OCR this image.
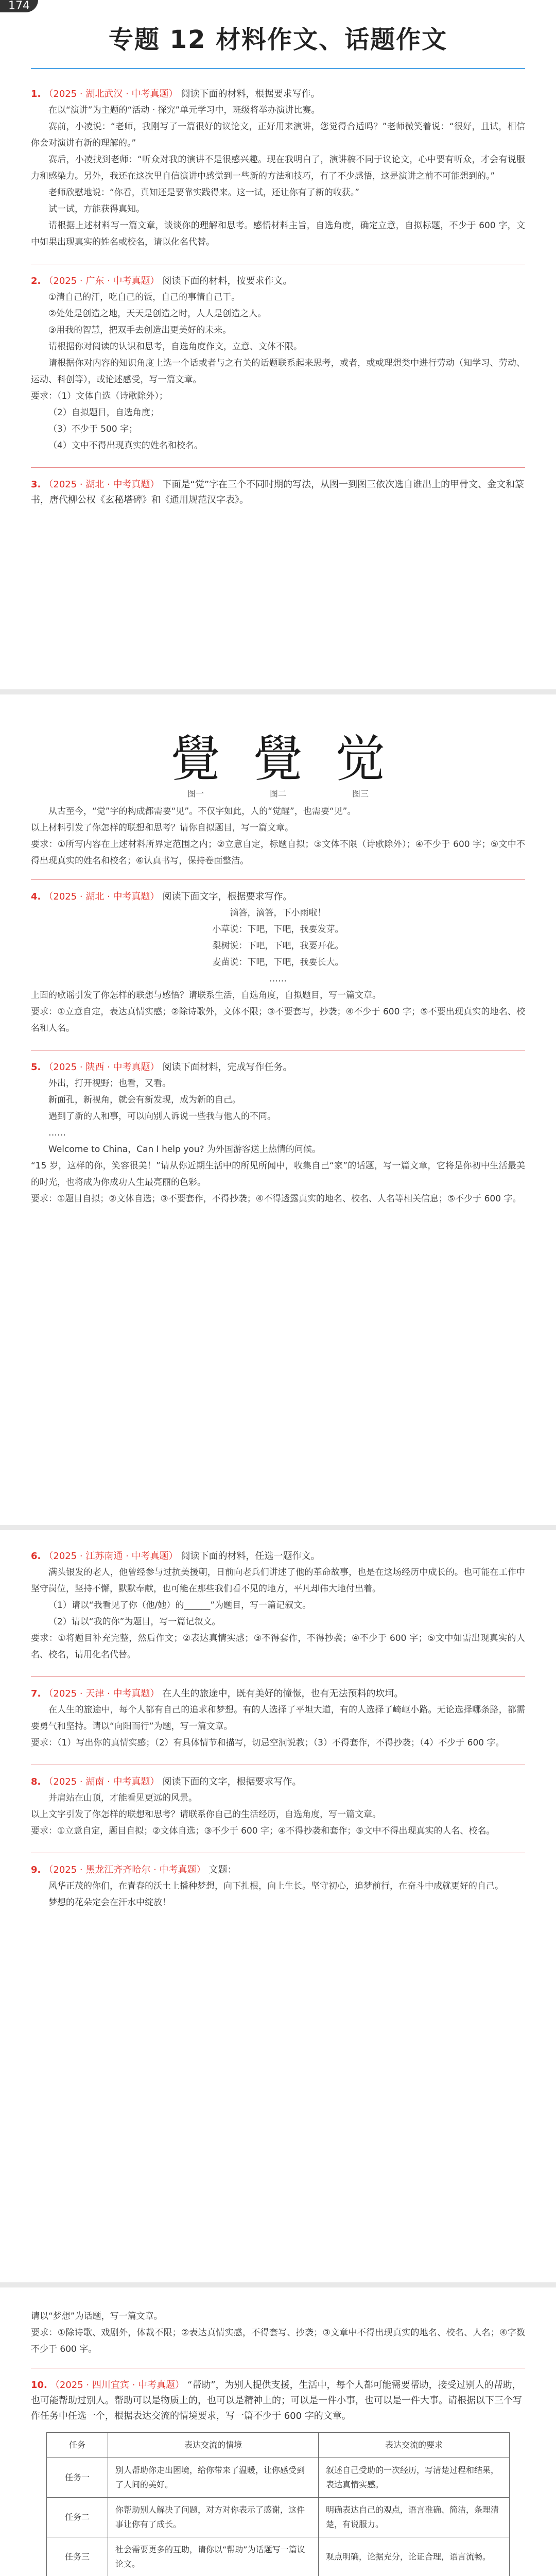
174
专题 12 材料作文、话题作文

1. （2025 · 湖北武汉 · 中考真题） 阅读下面的材料，根据要求写作。

在以“演讲”为主题的“活动 · 探究”单元学习中，班级将举办演讲比赛。

赛前，小凌说：“老师，我刚写了一篇很好的议论文，正好用来演讲，您觉得合适吗？”老师微笑着说：“很好，且试，相信你会对演讲有新的理解的。”

赛后，小凌找到老师：“听众对我的演讲不是很感兴趣。现在我明白了，演讲稿不同于议论文，心中要有听众，才会有说服力和感染力。另外，我还在这次里自信演讲中感觉到一些新的方法和技巧，有了不少感悟，这是演讲之前不可能想到的。”

老师欣慰地说：“你看，真知还是要靠实践得来。这一试，还让你有了新的收获。”

试一试，方能获得真知。

请根据上述材料写一篇文章，谈谈你的理解和思考。感悟材料主旨，自选角度，确定立意，自拟标题，不少于 600 字，文中如果出现真实的姓名或校名，请以化名代替。

2. （2025 · 广东 · 中考真题） 阅读下面的材料，按要求作文。

①清自己的汗，吃自己的饭，自己的事情自己干。

②处处是创造之地，天天是创造之时，人人是创造之人。

③用我的智慧，把双手去创造出更美好的未来。

请根据你对阅读的认识和思考，自选角度作文，立意、文体不限。

请根据你对内容的知识角度上选一个话或者与之有关的话题联系起来思考，或者，或或理想类中进行劳动（知学习、劳动、运动、科创等），或论述感受，写一篇文章。

要求：（1）文体自选（诗歌除外）；

（2）自拟题目，自选角度；

（3）不少于 500 字；

（4）文中不得出现真实的姓名和校名。

3. （2025 · 湖北 · 中考真题） 下面是“觉”字在三个不同时期的写法，从图一到图三依次选自谁出土的甲骨文、金文和篆书，唐代柳公权《玄秘塔碑》和《通用规范汉字表》。

覺
图一
覺
图二
觉
图三

从古至今，“觉”字的构成都需要“见”。不仅字如此，人的“觉醒”，也需要“见”。

以上材料引发了你怎样的联想和思考？请你自拟题目，写一篇文章。

要求：①所写内容在上述材料所界定范围之内；②立意自定，标题自拟；③文体不限（诗歌除外）；④不少于 600 字；⑤文中不得出现真实的姓名和校名；⑥认真书写，保持卷面整洁。

4. （2025 · 湖北 · 中考真题） 阅读下面文字，根据要求写作。

滴答，滴答，下小雨啦！

小草说：下吧，下吧，我要发芽。

梨树说：下吧，下吧，我要开花。

麦苗说：下吧，下吧，我要长大。

……

上面的歌谣引发了你怎样的联想与感悟？请联系生活，自选角度，自拟题目，写一篇文章。

要求：①立意自定，表达真情实感；②除诗歌外，文体不限；③不要套写，抄袭；④不少于 600 字；⑤不要出现真实的地名、校名和人名。

5. （2025 · 陕西 · 中考真题） 阅读下面材料，完成写作任务。

外出，打开视野；也看，又看。

新面孔，新视角，就会有新发现，成为新的自己。

遇到了新的人和事，可以向别人诉说一些我与他人的不同。

……

Welcome to China，Can I help you? 为外国游客送上热情的问候。

“15 岁，这样的你，笑容很美！”请从你近期生活中的所见所闻中，收集自己“家”的话题，写一篇文章，它将是你初中生活最美的时光，也将成为你成功人生最亮丽的色彩。

要求：①题目自拟；②文体自选；③不要套作，不得抄袭；④不得透露真实的地名、校名、人名等相关信息；⑤不少于 600 字。

6. （2025 · 江苏南通 · 中考真题） 阅读下面的材料，任选一题作文。

满头银发的老人，他曾经参与过抗美援朝，日前向老兵们讲述了他的革命故事，也是在这场经历中成长的。也可能在工作中坚守岗位，坚持不懈，默默奉献，也可能在那些我们看不见的地方，平凡却伟大地付出着。

（1）请以“我看见了你（他/她）的______”为题目，写一篇记叙文。

（2）请以“我的你”为题目，写一篇记叙文。

要求：①将题目补充完整，然后作文；②表达真情实感；③不得套作，不得抄袭；④不少于 600 字；⑤文中如需出现真实的人名、校名，请用化名代替。

7. （2025 · 天津 · 中考真题） 在人生的旅途中，既有美好的憧憬，也有无法预料的坎坷。

在人生的旅途中，每个人都有自己的追求和梦想。有的人选择了平坦大道，有的人选择了崎岖小路。无论选择哪条路，都需要勇气和坚持。请以“向阳而行”为题，写一篇文章。

要求：（1）写出你的真情实感；（2）有具体情节和描写，切忌空洞说教；（3）不得套作，不得抄袭；（4）不少于 600 字。

8. （2025 · 湖南 · 中考真题） 阅读下面的文字，根据要求写作。

并肩站在山顶，才能看见更远的风景。

以上文字引发了你怎样的联想和思考？请联系你自己的生活经历，自选角度，写一篇文章。

要求：①立意自定，题目自拟；②文体自选；③不少于 600 字；④不得抄袭和套作；⑤文中不得出现真实的人名、校名。

9. （2025 · 黑龙江齐齐哈尔 · 中考真题） 文题：

风华正茂的你们，在青春的沃土上播种梦想，向下扎根，向上生长。坚守初心，追梦前行，在奋斗中成就更好的自己。

梦想的花朵定会在汗水中绽放！

请以“梦想”为话题，写一篇文章。

要求：①除诗歌、戏剧外，体裁不限；②表达真情实感，不得套写、抄袭；③文章中不得出现真实的地名、校名、人名；④字数不少于 600 字。

10. （2025 · 四川宜宾 · 中考真题） “帮助”，为别人提供支援，生活中，每个人都可能需要帮助，接受过别人的帮助，也可能帮助过别人。帮助可以是物质上的，也可以是精神上的；可以是一件小事，也可以是一件大事。请根据以下三个写作任务中任选一个，根据表达交流的情境要求，写一篇不少于 600 字的文章。

任务	表达交流的情境	表达交流的要求
任务一	别人帮助你走出困境，给你带来了温暖，让你感受到了人间的美好。	叙述自己受助的一次经历，写清楚过程和结果，表达真情实感。
任务二	你帮助别人解决了问题，对方对你表示了感谢，这件事让你有了成长。	明确表达自己的观点，语言准确、简洁，条理清楚，有说服力。
任务三	社会需要更多的互助，请你以“帮助”为话题写一篇议论文。	观点明确，论据充分，论证合理，语言流畅。
